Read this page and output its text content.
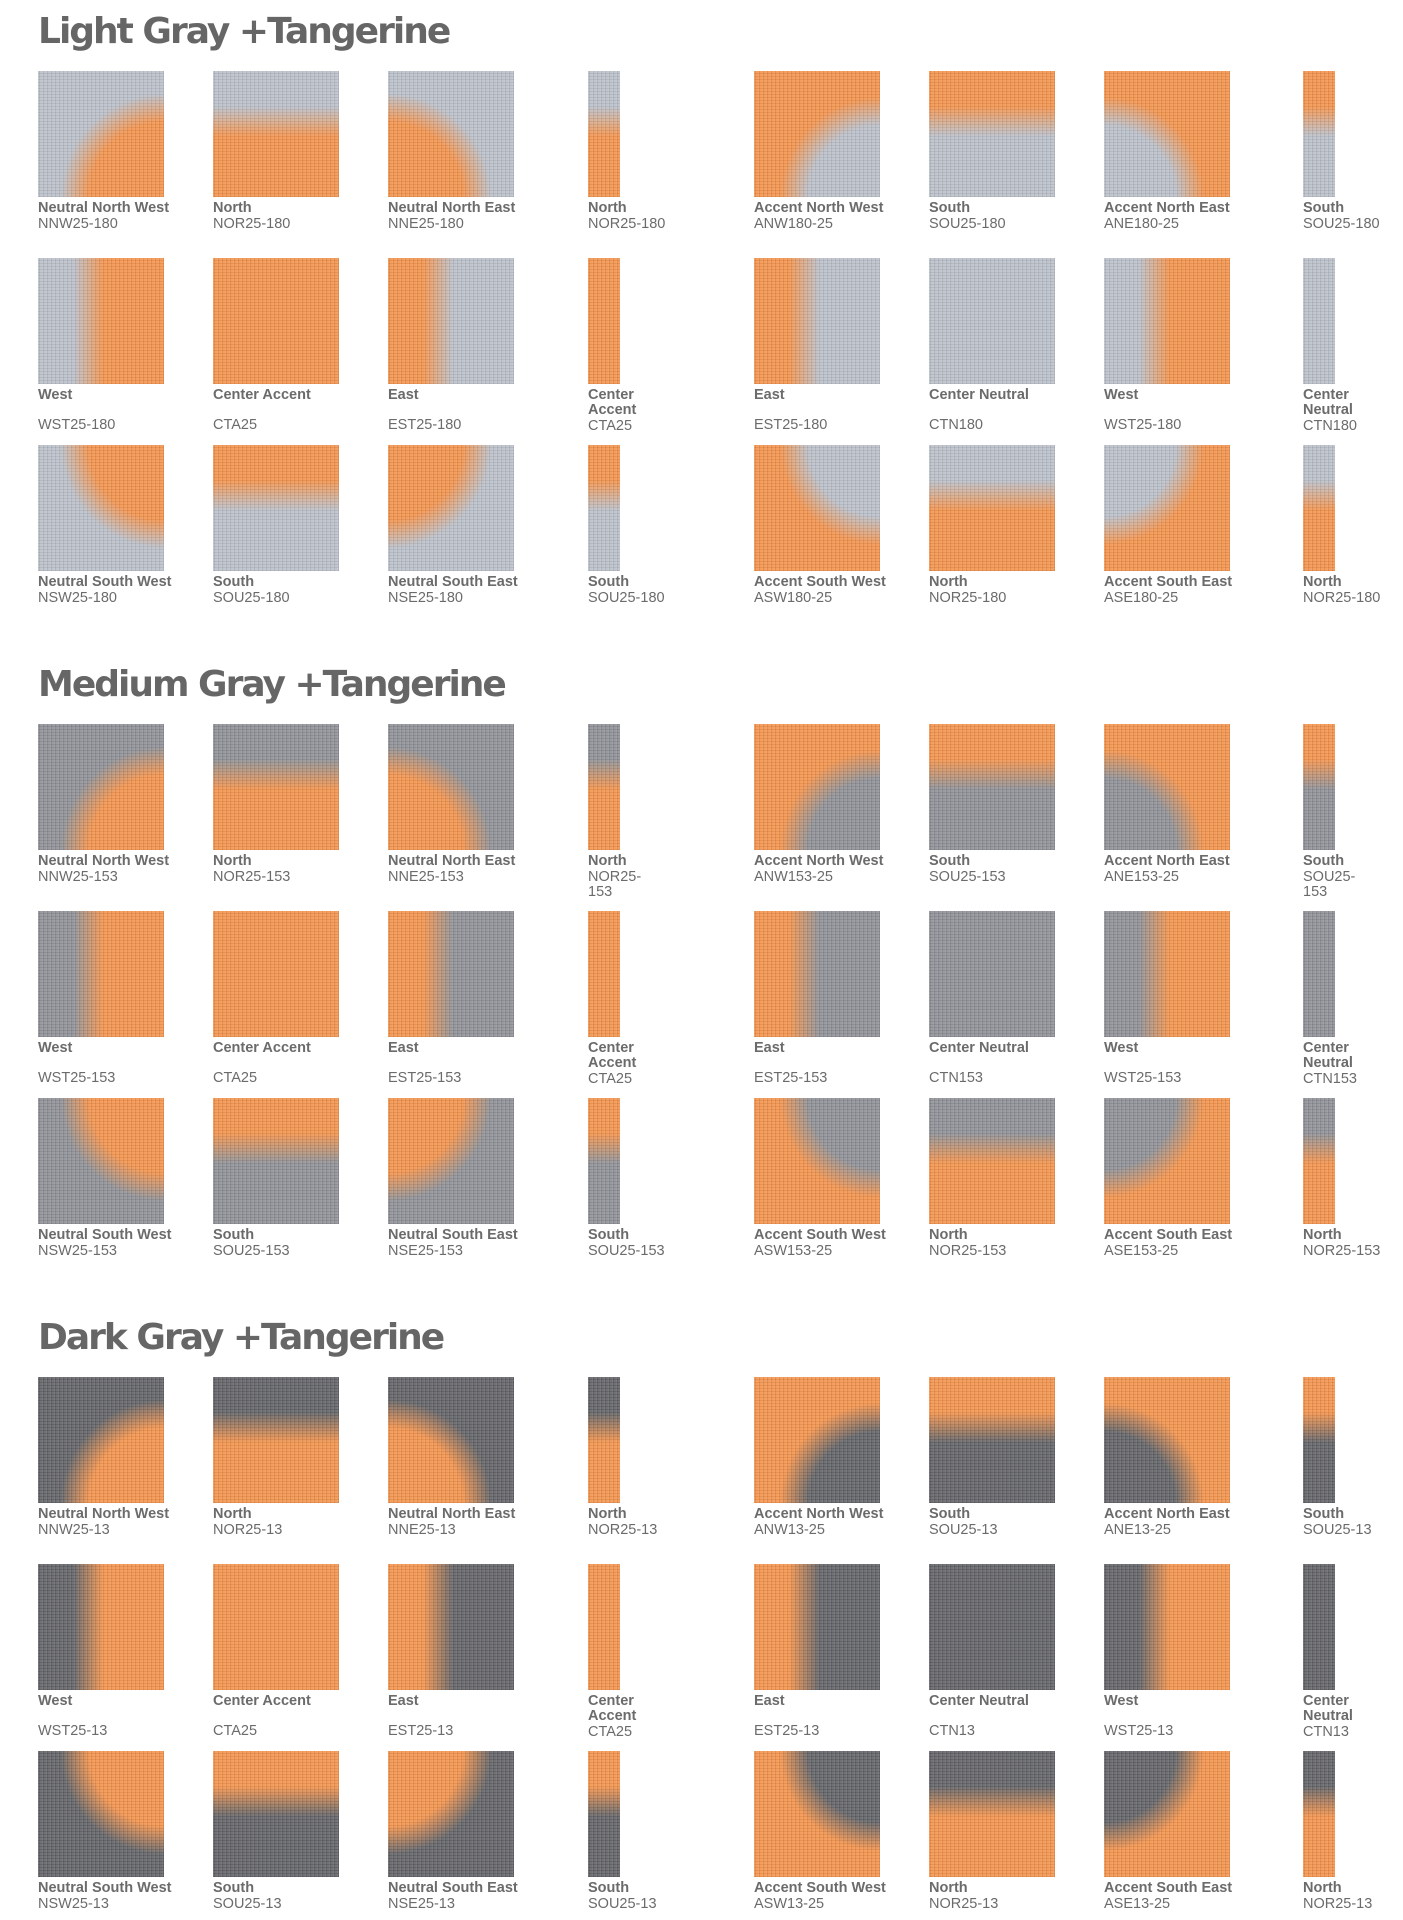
Light Gray +Tangerine
Neutral North West
NNW25-180
North
NOR25-180
Neutral North East
NNE25-180
North
NOR25-180
Accent North West
ANW180-25
South
SOU25-180
Accent North East
ANE180-25
South
SOU25-180
West
WST25-180
Center Accent
CTA25
East
EST25-180
Center Accent
CTA25
East
EST25-180
Center Neutral
CTN180
West
WST25-180
Center Neutral
CTN180
Neutral South West
NSW25-180
South
SOU25-180
Neutral South East
NSE25-180
South
SOU25-180
Accent South West
ASW180-25
North
NOR25-180
Accent South East
ASE180-25
North
NOR25-180
Medium Gray +Tangerine
Neutral North West
NNW25-153
North
NOR25-153
Neutral North East
NNE25-153
North
NOR25-153
Accent North West
ANW153-25
South
SOU25-153
Accent North East
ANE153-25
South
SOU25-153
West
WST25-153
Center Accent
CTA25
East
EST25-153
Center Accent
CTA25
East
EST25-153
Center Neutral
CTN153
West
WST25-153
Center Neutral
CTN153
Neutral South West
NSW25-153
South
SOU25-153
Neutral South East
NSE25-153
South
SOU25-153
Accent South West
ASW153-25
North
NOR25-153
Accent South East
ASE153-25
North
NOR25-153
Dark Gray +Tangerine
Neutral North West
NNW25-13
North
NOR25-13
Neutral North East
NNE25-13
North
NOR25-13
Accent North West
ANW13-25
South
SOU25-13
Accent North East
ANE13-25
South
SOU25-13
West
WST25-13
Center Accent
CTA25
East
EST25-13
Center Accent
CTA25
East
EST25-13
Center Neutral
CTN13
West
WST25-13
Center Neutral
CTN13
Neutral South West
NSW25-13
South
SOU25-13
Neutral South East
NSE25-13
South
SOU25-13
Accent South West
ASW13-25
North
NOR25-13
Accent South East
ASE13-25
North
NOR25-13
